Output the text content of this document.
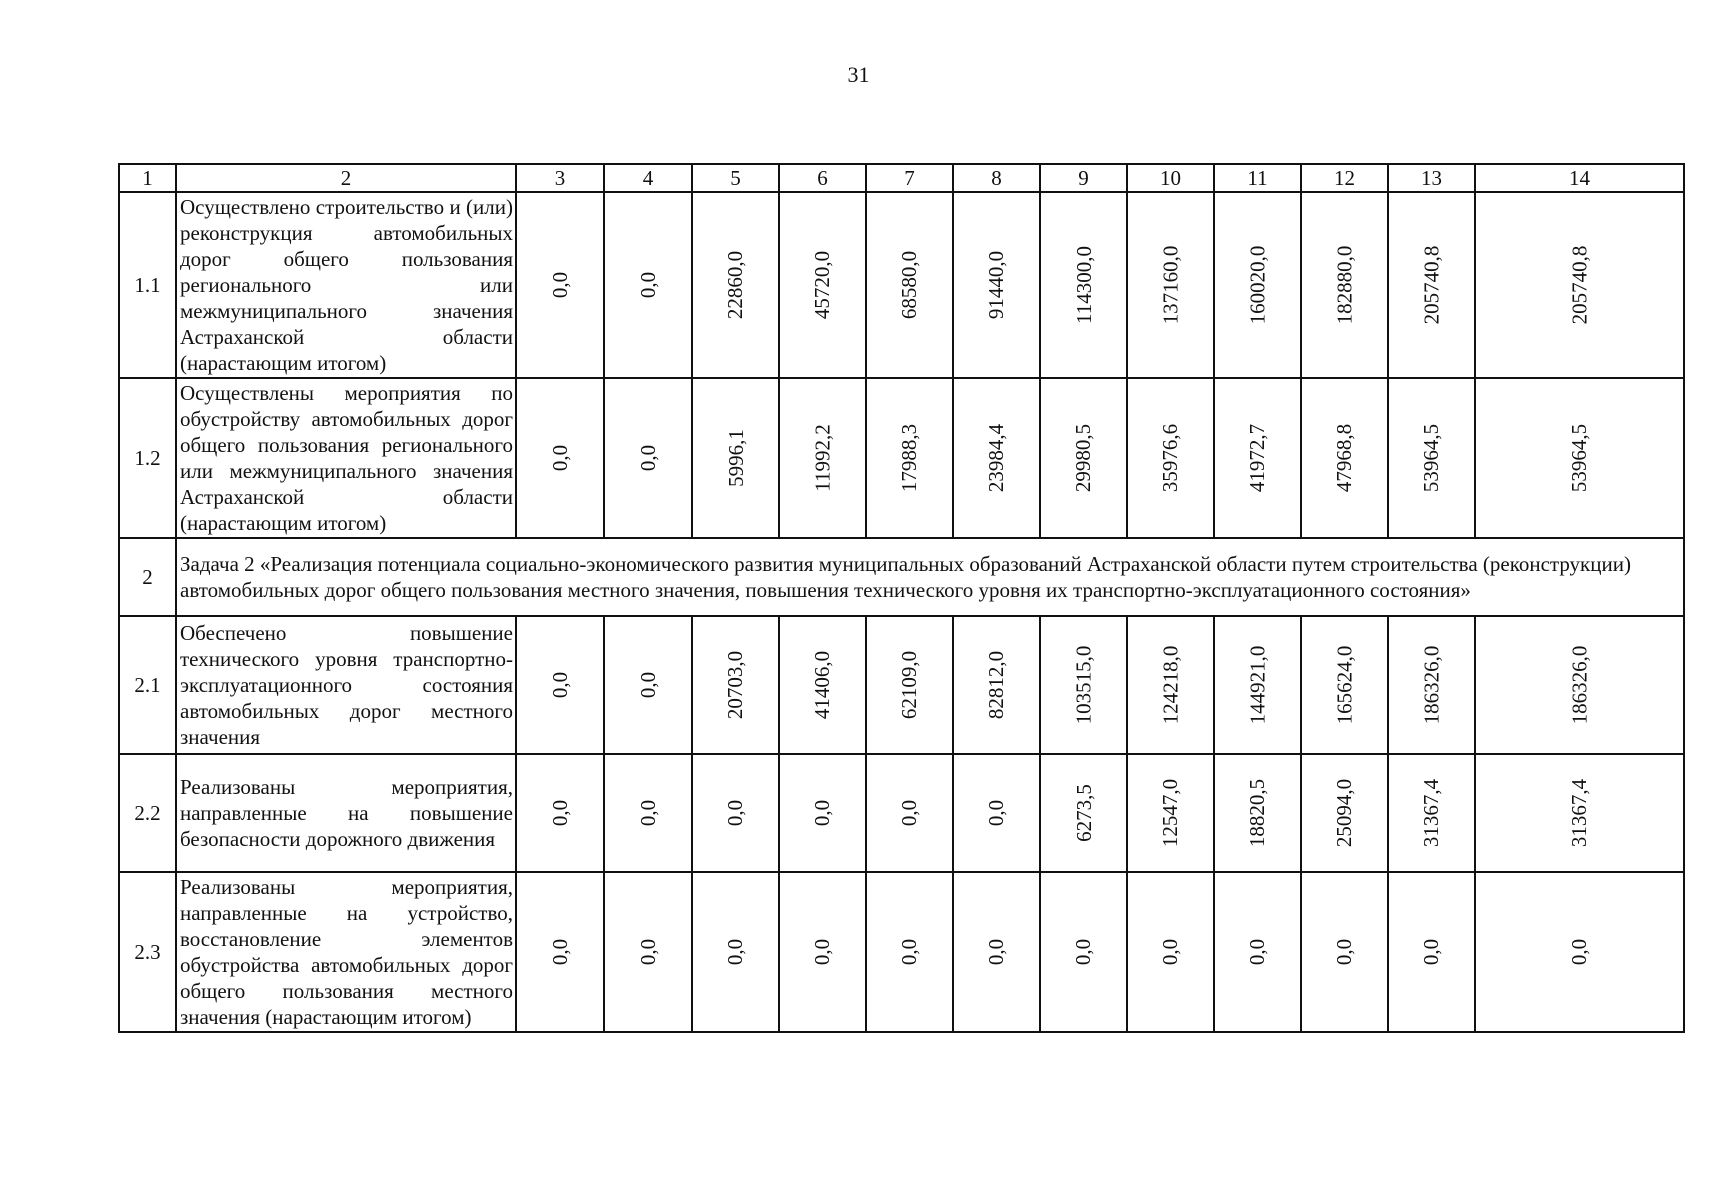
31
1	2	3	4	5	6	7	8	9	10	11	12	13	14
1.1	Осуществлено строительство и (или) реконструкция автомобильных дорог общего пользования регионального или межмуниципального значения Астраханской области (нарастающим итогом)	0,0	0,0	22860,0	45720,0	68580,0	91440,0	114300,0	137160,0	160020,0	182880,0	205740,8	205740,8
1.2	Осуществлены мероприятия по обустройству автомобильных дорог общего пользования регионального или межмуниципального значения Астраханской области (нарастающим итогом)	0,0	0,0	5996,1	11992,2	17988,3	23984,4	29980,5	35976,6	41972,7	47968,8	53964,5	53964,5
2	Задача 2 «Реализация потенциала социально-экономического развития муниципальных образований Астраханской области путем строительства (реконструкции) автомобильных дорог общего пользования местного значения, повышения технического уровня их транспортно-эксплуатационного состояния»												
2.1	Обеспечено повышение технического уровня транспортно-эксплуатационного состояния автомобильных дорог местного значения	0,0	0,0	20703,0	41406,0	62109,0	82812,0	103515,0	124218,0	144921,0	165624,0	186326,0	186326,0
2.2	Реализованы мероприятия, направленные на повышение безопасности дорожного движения	0,0	0,0	0,0	0,0	0,0	0,0	6273,5	12547,0	18820,5	25094,0	31367,4	31367,4
2.3	Реализованы мероприятия, направленные на устройство, восстановление элементов обустройства автомобильных дорог общего пользования местного значения (нарастающим итогом)	0,0	0,0	0,0	0,0	0,0	0,0	0,0	0,0	0,0	0,0	0,0	0,0
